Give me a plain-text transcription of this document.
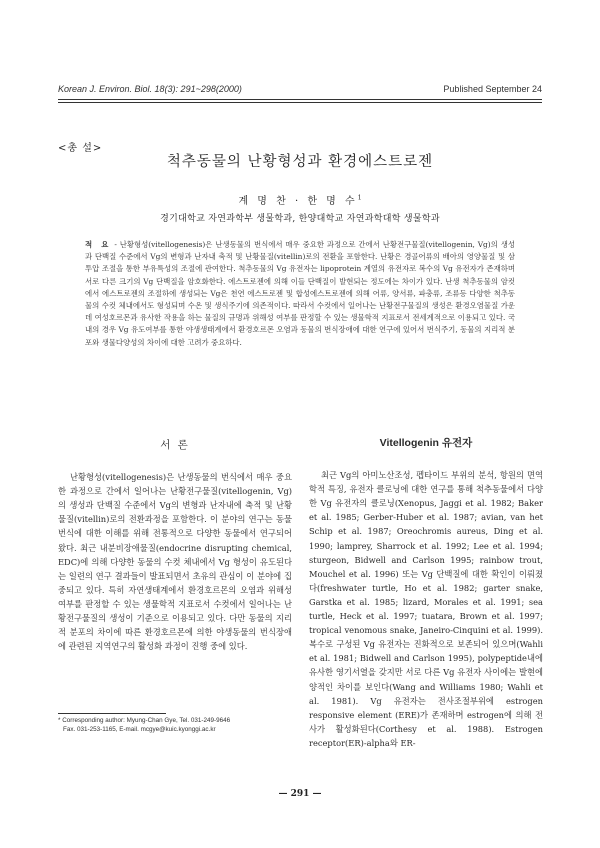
Korean J. Environ. Biol. 18(3): 291~298(2000)	Published September 24
<총 설>
척추동물의 난황형성과 환경에스트로젠
계 명 찬 · 한 명 수$^1$
경기대학교 자연과학부 생물학과, 한양대학교 자연과학대학 생물학과
적 요 - 난황형성(vitellogenesis)은 난생동물의 번식에서 매우 중요한 과정으로 간에서 난황전구물질(vitellogenin, Vg)의 생성과 단백질 수준에서 Vg의 변형과 난자내 축적 및 난황물질(vitellin)로의 전환을 포함한다. 난황은 경골어류의 배아의 영양물질 및 삼투압 조절을 통한 부유특성의 조절에 관여한다. 척추동물의 Vg 유전자는 lipoprotein 계열의 유전자로 복수의 Vg 유전자가 존재하며 서로 다른 크기의 Vg 단백질을 암호화한다. 에스트로젠에 의해 이들 단백질이 발현되는 정도에는 차이가 있다. 난생 척추동물의 암컷에서 에스트로젠의 조절하에 생성되는 Vg은 천연 에스트로젠 및 합성에스트로젠에 의해 어류, 양서류, 파충류, 조류등 다양한 척추동물의 수컷 체내에서도 형성되며 수온 및 생식주기에 의존적이다. 따라서 수컷에서 일어나는 난황전구물질의 생성은 환경오염물질 가운데 여성호르몬과 유사한 작용을 하는 물질의 규명과 위해성 여부를 판정할 수 있는 생물학적 지표로서 전세계적으로 이용되고 있다. 국내의 경우 Vg 유도여부를 통한 야생생태계에서 환경호르몬 오염과 동물의 번식장애에 대한 연구에 있어서 번식주기, 동물의 지리적 분포와 생물다양성의 차이에 대한 고려가 중요하다.
서 론

난황형성(vitellogenesis)은 난생동물의 번식에서 매우 중요한 과정으로 간에서 일어나는 난황전구물질(vitellogenin, Vg)의 생성과 단백질 수준에서 Vg의 변형과 난자내에 축적 및 난황물질(vitellin)로의 전환과정을 포함한다. 이 분야의 연구는 동물번식에 대한 이해를 위해 전통적으로 다양한 동물에서 연구되어 왔다. 최근 내분비장애물질(endocrine disrupting chemical, EDC)에 의해 다양한 동물의 수컷 체내에서 Vg 형성이 유도된다는 일련의 연구 결과들이 발표되면서 초유의 관심이 이 분야에 집중되고 있다. 특히 자연생태계에서 환경호르몬의 오염과 위해성 여부를 판정할 수 있는 생물학적 지표로서 수컷에서 일어나는 난황전구물질의 생성이 기준으로 이용되고 있다. 다만 동물의 지리적 분포의 차이에 따른 환경호르몬에 의한 야생동물의 번식장애에 관련된 지역연구의 활성화 과정이 진행 중에 있다.

Vitellogenin 유전자

최근 Vg의 아미노산조성, 펩타이드 부위의 분석, 항원의 면역학적 특징, 유전자 클로닝에 대한 연구를 통해 척추동물에서 다양한 Vg 유전자의 클로닝(Xenopus, Jaggi et al. 1982; Baker et al. 1985; Gerber-Huber et al. 1987; avian, van het Schip et al. 1987; Oreochromis aureus, Ding et al. 1990; lamprey, Sharrock et al. 1992; Lee et al. 1994; sturgeon, Bidwell and Carlson 1995; rainbow trout, Mouchel et al. 1996) 또는 Vg 단백질에 대한 확인이 이뤄졌다(freshwater turtle, Ho et al. 1982; garter snake, Garstka et al. 1985; lizard, Morales et al. 1991; sea turtle, Heck et al. 1997; tuatara, Brown et al. 1997; tropical venomous snake, Janeiro-Cinquini et al. 1999). 복수로 구성된 Vg 유전자는 진화적으로 보존되어 있으며(Wahli et al. 1981; Bidwell and Carlson 1995), polypeptide내에 유사한 영기서열을 갖지만 서로 다른 Vg 유전자 사이에는 발현에 양적인 차이를 보인다(Wang and Williams 1980; Wahli et al. 1981). Vg 유전자는 전사조절부위에 estrogen responsive element (ERE)가 존재하며 estrogen에 의해 전사가 활성화된다(Corthesy et al. 1988). Estrogen receptor(ER)-alpha와 ER-

* Corresponding author: Myung-Chan Gye, Tel. 031-249-9646
Fax. 031-253-1165, E-mail. mcgye@kuic.kyonggi.ac.kr
— 291 —
